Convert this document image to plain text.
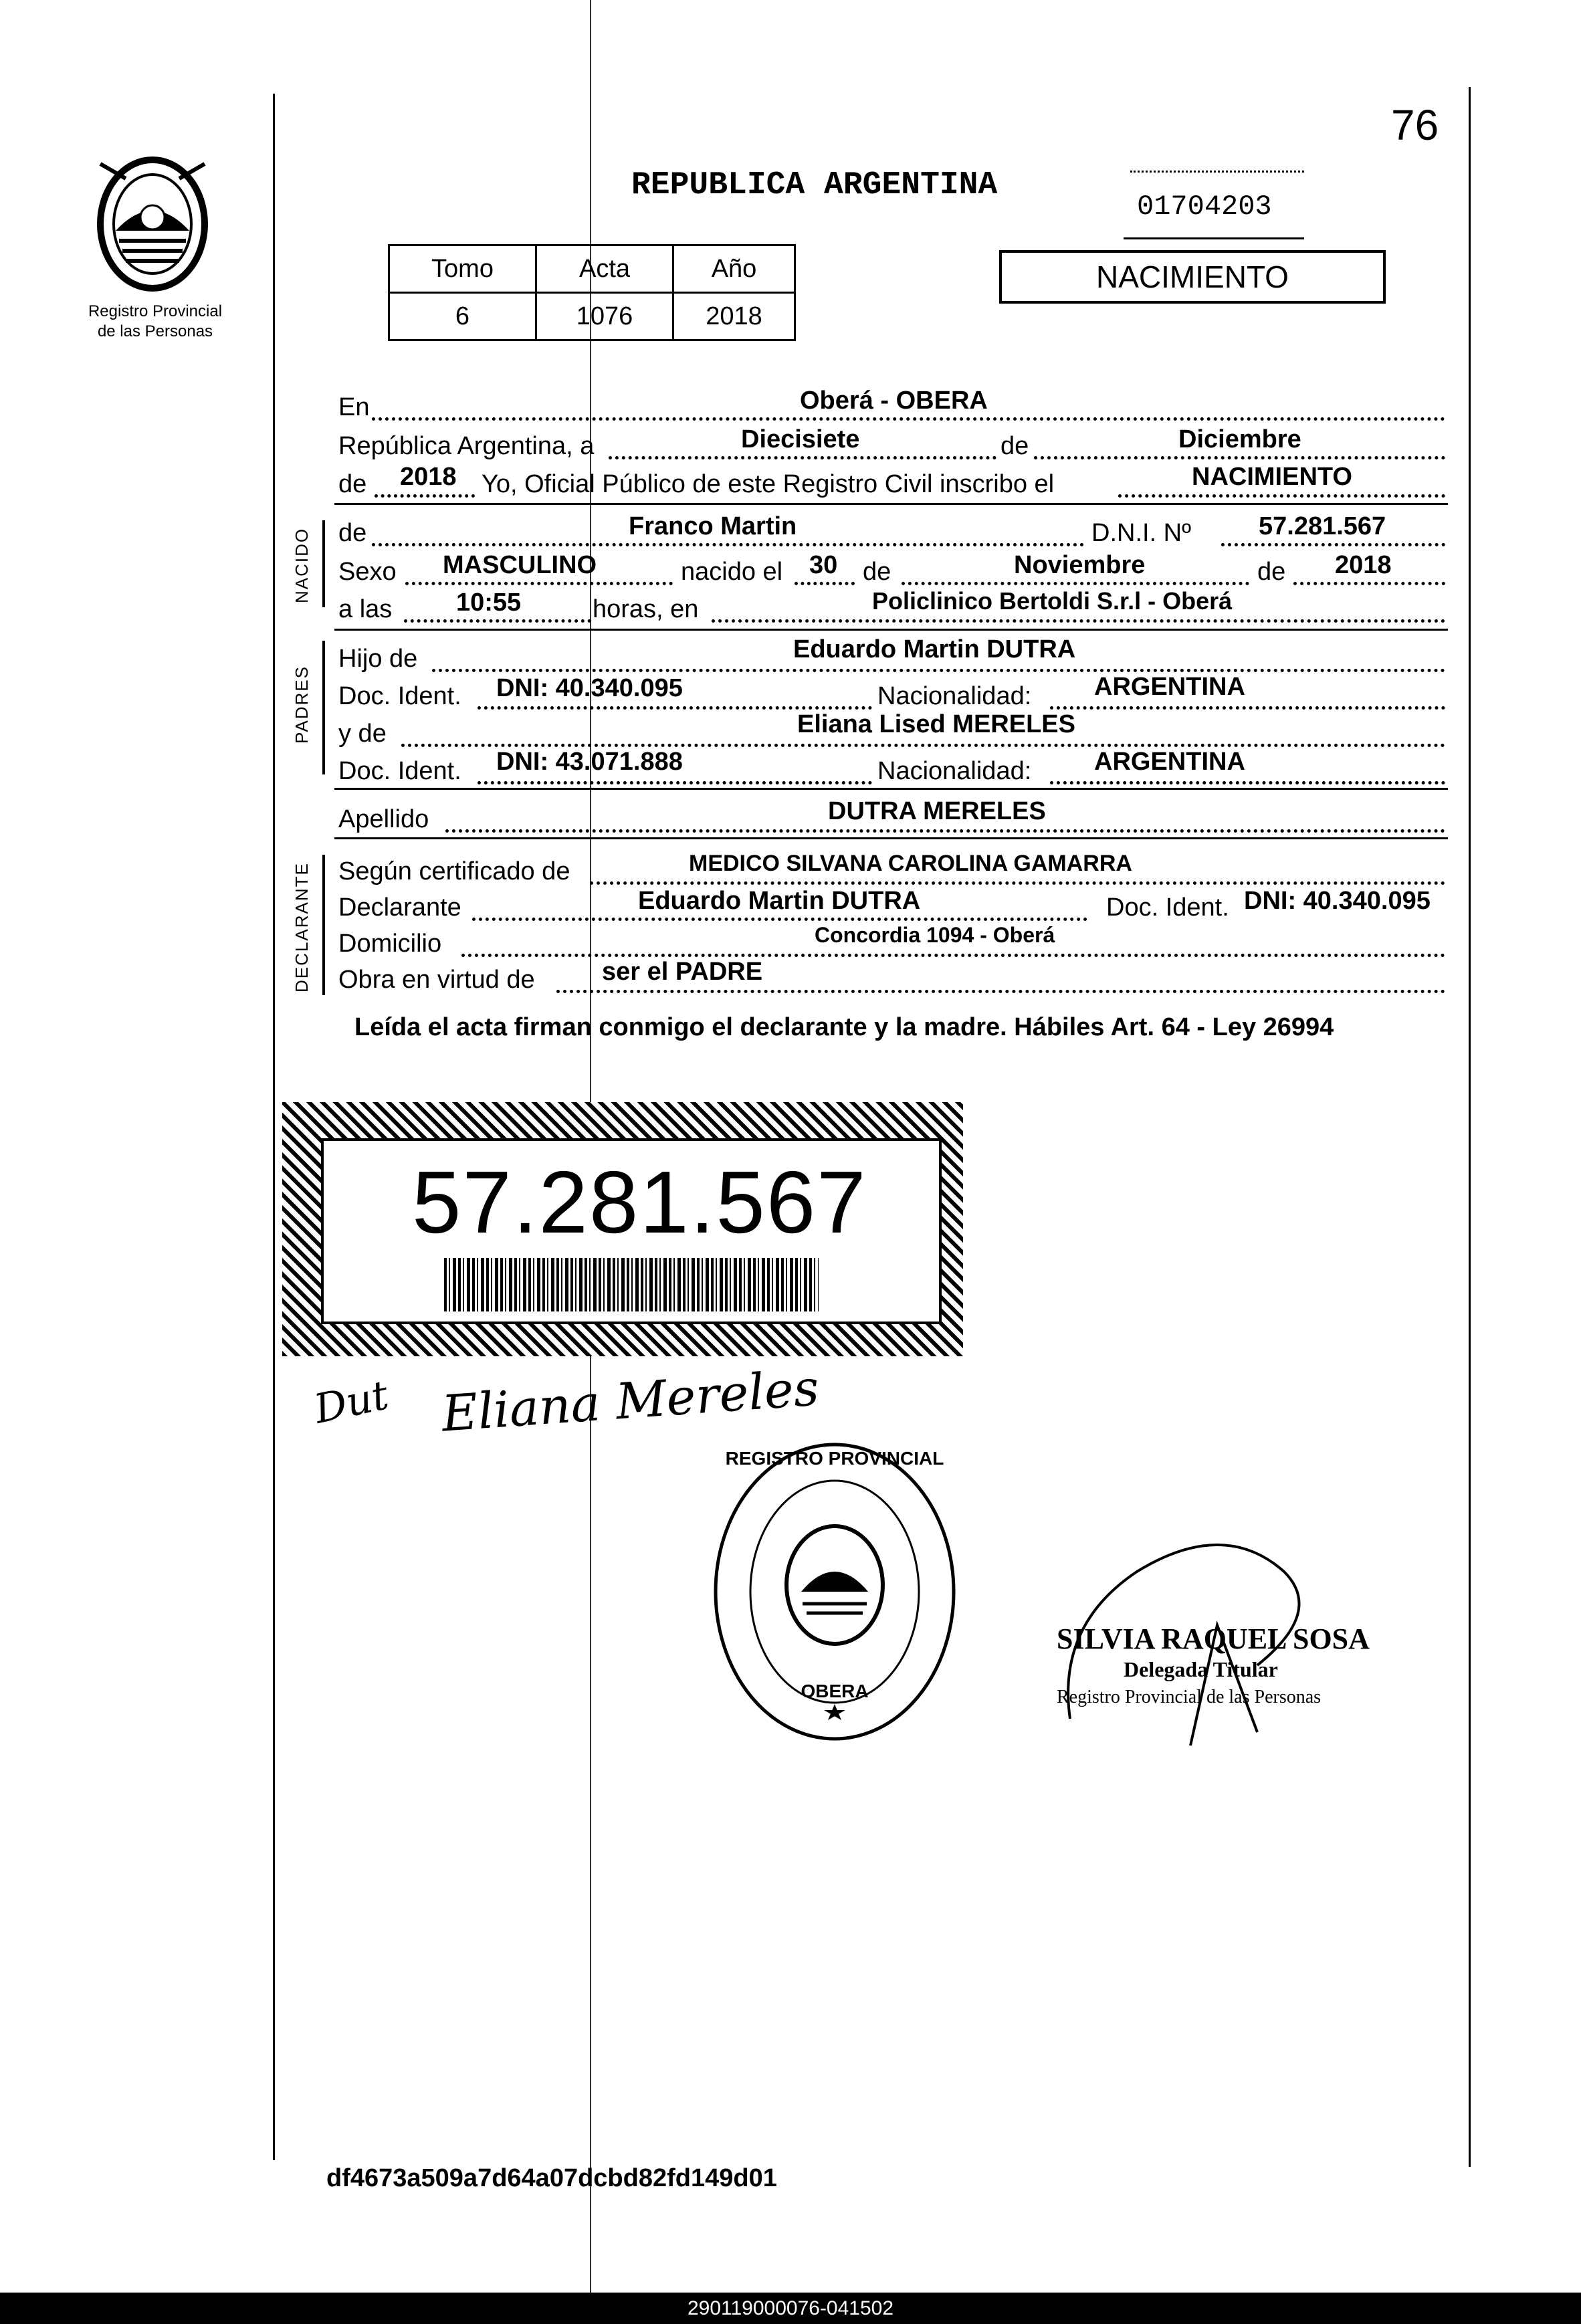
76
Registro Provincial
de las Personas
REPUBLICA ARGENTINA
01704203
Tomo	Acta	Año
6	1076	2018
NACIMIENTO
En	Oberá - OBERA
República Argentina, a	Diecisiete	de	Diciembre
de 2018 Yo, Oficial Público de este Registro Civil inscribo el	NACIMIENTO
NACIDO de	Franco Martin	D.N.I. Nº	57.281.567
Sexo MASCULINO	nacido el 30 de	Noviembre	de 2018
a las	10:55	horas, en	Policlinico Bertoldi S.r.l - Oberá
PADRES
Hijo de	Eduardo Martin DUTRA
Doc. Ident. DNI: 40.340.095	Nacionalidad: ARGENTINA
y de	Eliana Lised MERELES
Doc. Ident. DNI: 43.071.888	Nacionalidad: ARGENTINA
Apellido	DUTRA MERELES
DECLARANTE Según certificado de	MEDICO SILVANA CAROLINA GAMARRA
Declarante	Eduardo Martin DUTRA	Doc. Ident. DNI: 40.340.095
Domicilio	Concordia 1094 - Oberá
Obra en virtud de	ser el PADRE
Leída el acta firman conmigo el declarante y la madre. Hábiles Art. 64 - Ley 26994
57.281.567
Dut Eliana Mereles
REGISTRO PROVINCIAL
OBERA
SILVIA RAQUEL SOSA
Delegada Titular
Registro Provincial de las Personas
df4673a509a7d64a07dcbd82fd149d01
290119000076-041502
